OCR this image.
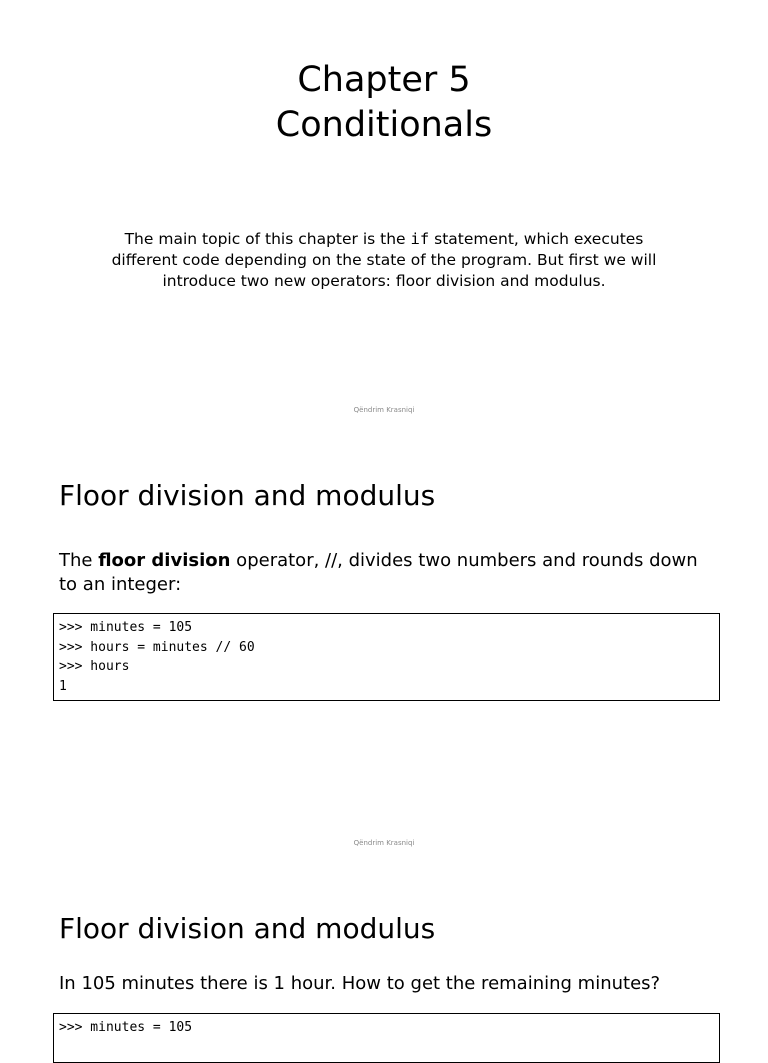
Chapter 5
Conditionals

The main topic of this chapter is the if statement, which executes different code depending on the state of the program. But first we will introduce two new operators: floor division and modulus.

Qëndrim Krasniqi
Floor division and modulus

The floor division operator, //, divides two numbers and rounds down to an integer:

>>> minutes = 105
>>> hours = minutes // 60
>>> hours
1
Qëndrim Krasniqi
Floor division and modulus

In 105 minutes there is 1 hour. How to get the remaining minutes?

>>> minutes = 105
